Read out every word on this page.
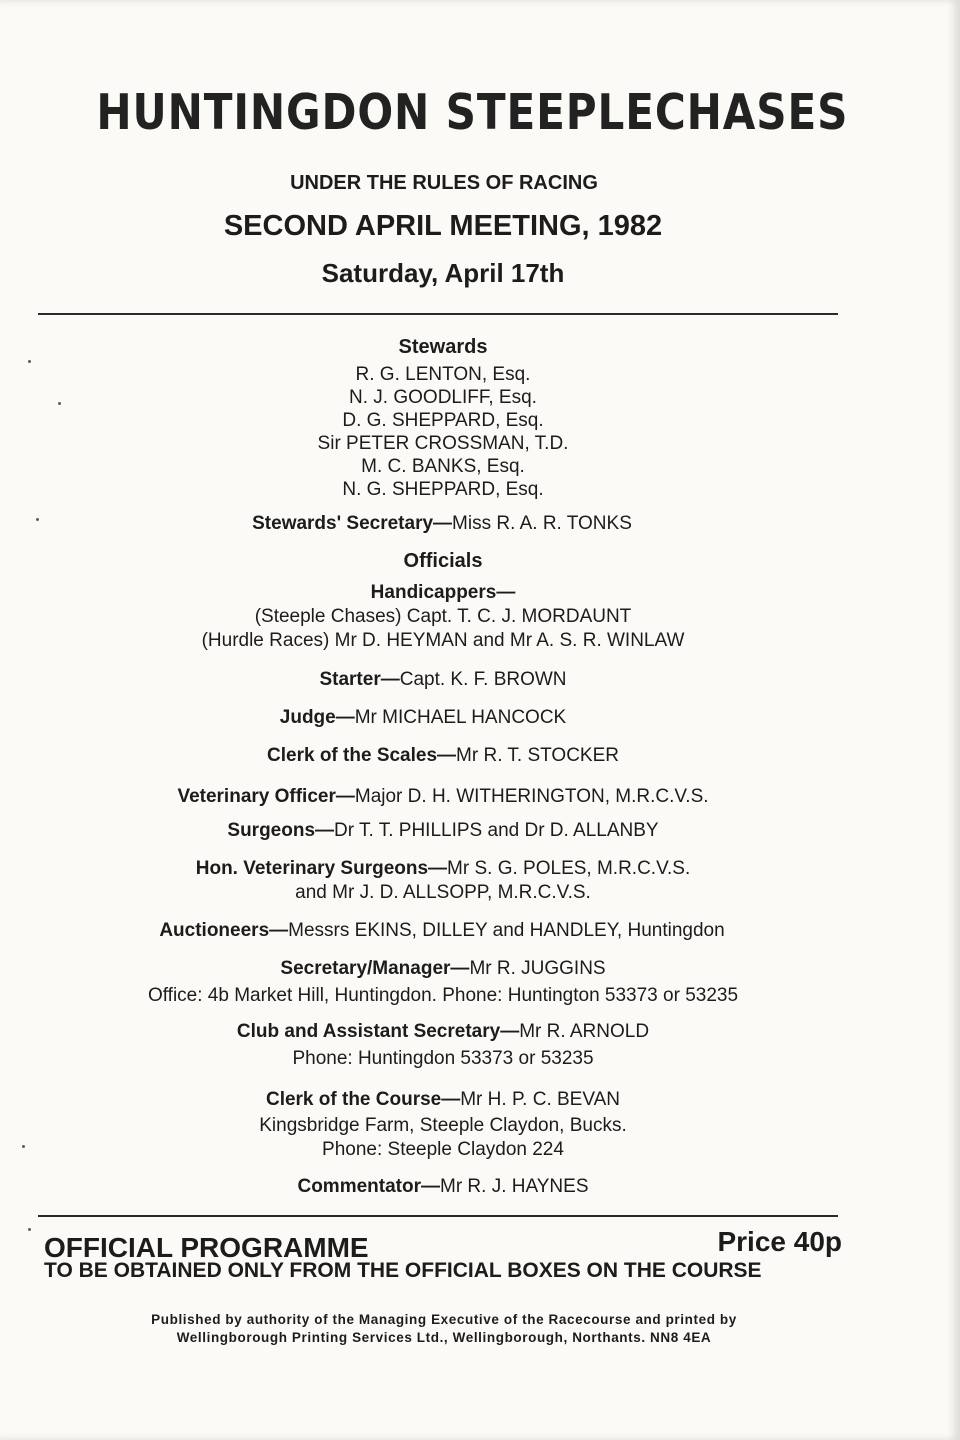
HUNTINGDON STEEPLECHASES
UNDER THE RULES OF RACING
SECOND APRIL MEETING, 1982
Saturday, April 17th
Stewards
R. G. LENTON, Esq.
N. J. GOODLIFF, Esq.
D. G. SHEPPARD, Esq.
Sir PETER CROSSMAN, T.D.
M. C. BANKS, Esq.
N. G. SHEPPARD, Esq.
Stewards' Secretary—Miss R. A. R. TONKS
Officials
Handicappers—
(Steeple Chases) Capt. T. C. J. MORDAUNT
(Hurdle Races) Mr D. HEYMAN and Mr A. S. R. WINLAW
Starter—Capt. K. F. BROWN
Judge—Mr MICHAEL HANCOCK
Clerk of the Scales—Mr R. T. STOCKER
Veterinary Officer—Major D. H. WITHERINGTON, M.R.C.V.S.
Surgeons—Dr T. T. PHILLIPS and Dr D. ALLANBY
Hon. Veterinary Surgeons—Mr S. G. POLES, M.R.C.V.S.
and Mr J. D. ALLSOPP, M.R.C.V.S.
Auctioneers—Messrs EKINS, DILLEY and HANDLEY, Huntingdon
Secretary/Manager—Mr R. JUGGINS
Office: 4b Market Hill, Huntingdon. Phone: Huntington 53373 or 53235
Club and Assistant Secretary—Mr R. ARNOLD
Phone: Huntingdon 53373 or 53235
Clerk of the Course—Mr H. P. C. BEVAN
Kingsbridge Farm, Steeple Claydon, Bucks.
Phone: Steeple Claydon 224
Commentator—Mr R. J. HAYNES
OFFICIAL PROGRAMME	Price 40p
TO BE OBTAINED ONLY FROM THE OFFICIAL BOXES ON THE COURSE
Published by authority of the Managing Executive of the Racecourse and printed by
Wellingborough Printing Services Ltd., Wellingborough, Northants. NN8 4EA
